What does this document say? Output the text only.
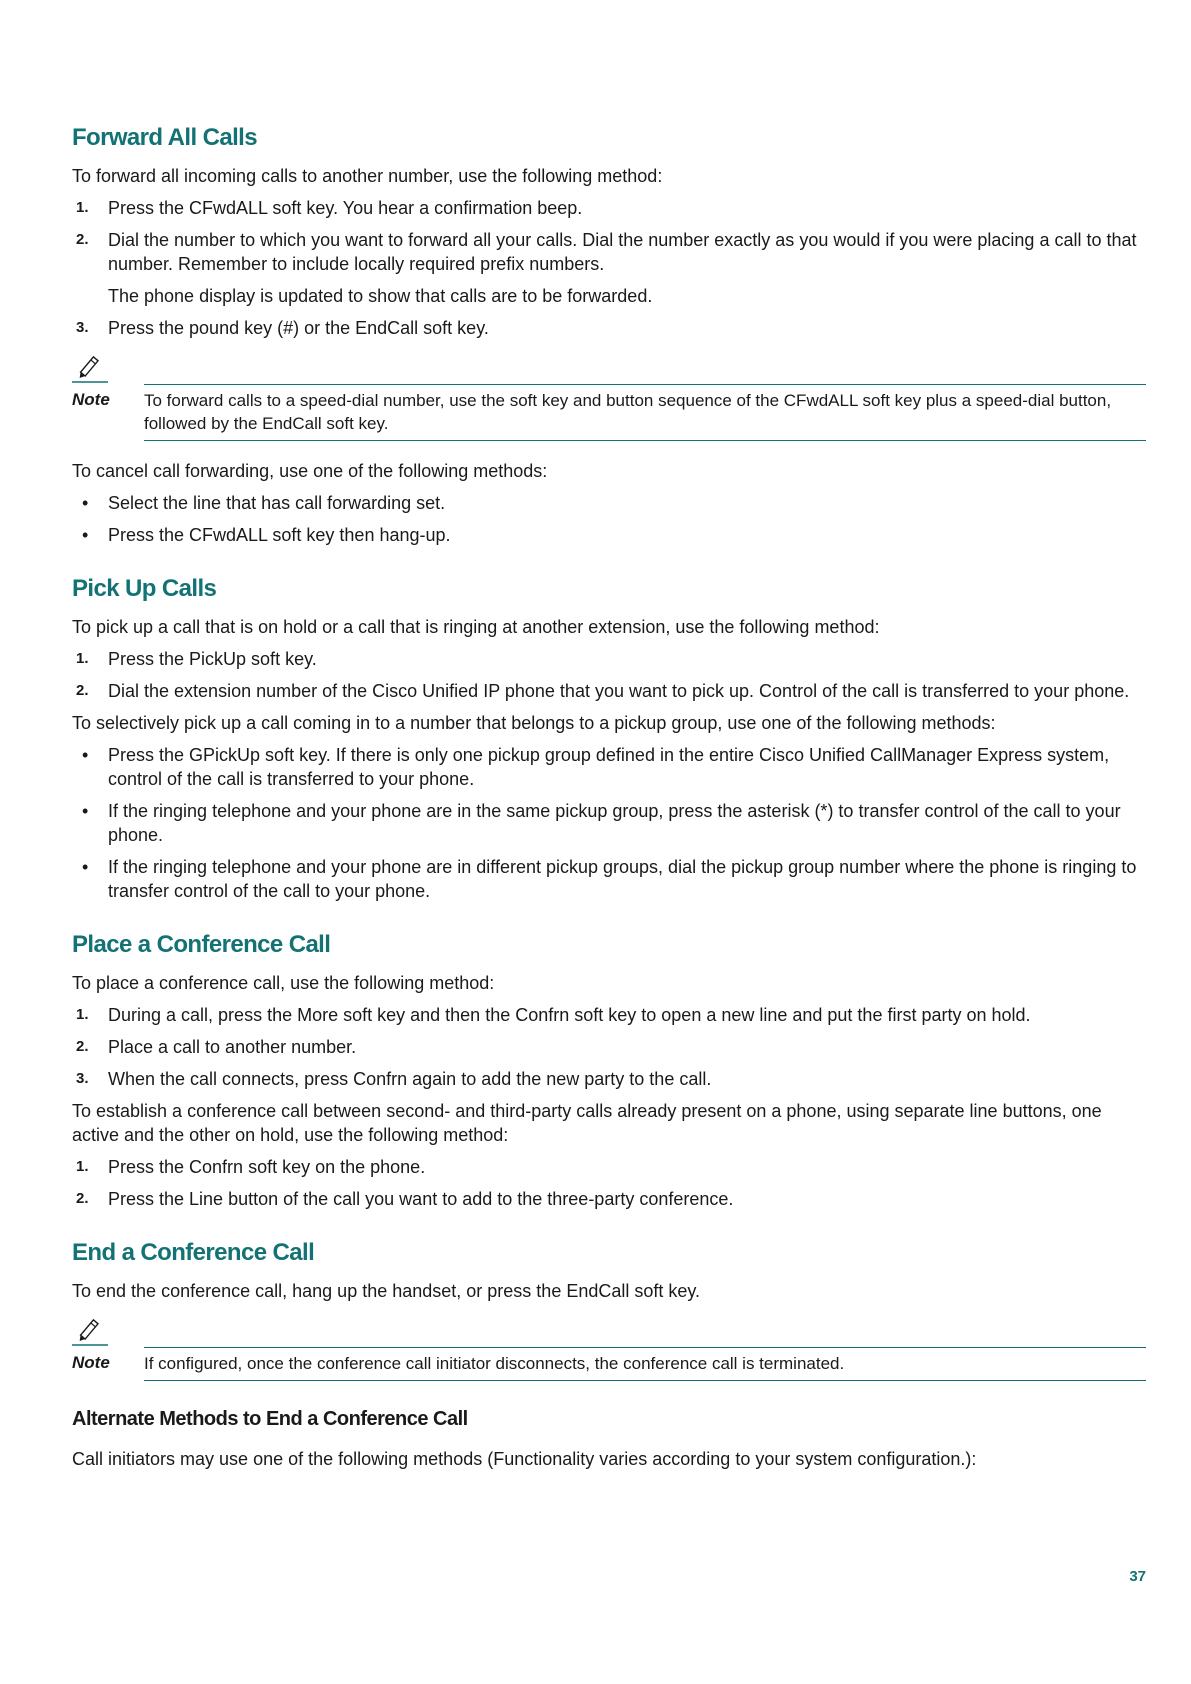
Forward All Calls

To forward all incoming calls to another number, use the following method:

1. Press the CFwdALL soft key. You hear a confirmation beep.
2. Dial the number to which you want to forward all your calls. Dial the number exactly as you would if you were placing a call to that number. Remember to include locally required prefix numbers.
The phone display is updated to show that calls are to be forwarded.
3. Press the pound key (#) or the EndCall soft key.
Note	To forward calls to a speed-dial number, use the soft key and button sequence of the CFwdALL soft key plus a speed-dial button, followed by the EndCall soft key.

To cancel call forwarding, use one of the following methods:

• Select the line that has call forwarding set.
• Press the CFwdALL soft key then hang-up.
Pick Up Calls

To pick up a call that is on hold or a call that is ringing at another extension, use the following method:

1. Press the PickUp soft key.
2. Dial the extension number of the Cisco Unified IP phone that you want to pick up. Control of the call is transferred to your phone.

To selectively pick up a call coming in to a number that belongs to a pickup group, use one of the following methods:

• Press the GPickUp soft key. If there is only one pickup group defined in the entire Cisco Unified CallManager Express system, control of the call is transferred to your phone.
• If the ringing telephone and your phone are in the same pickup group, press the asterisk (*) to transfer control of the call to your phone.
• If the ringing telephone and your phone are in different pickup groups, dial the pickup group number where the phone is ringing to transfer control of the call to your phone.
Place a Conference Call

To place a conference call, use the following method:

1. During a call, press the More soft key and then the Confrn soft key to open a new line and put the first party on hold.
2. Place a call to another number.
3. When the call connects, press Confrn again to add the new party to the call.

To establish a conference call between second- and third-party calls already present on a phone, using separate line buttons, one active and the other on hold, use the following method:

1. Press the Confrn soft key on the phone.
2. Press the Line button of the call you want to add to the three-party conference.
End a Conference Call

To end the conference call, hang up the handset, or press the EndCall soft key.

Note	If configured, once the conference call initiator disconnects, the conference call is terminated.
Alternate Methods to End a Conference Call

Call initiators may use one of the following methods (Functionality varies according to your system configuration.):

37
